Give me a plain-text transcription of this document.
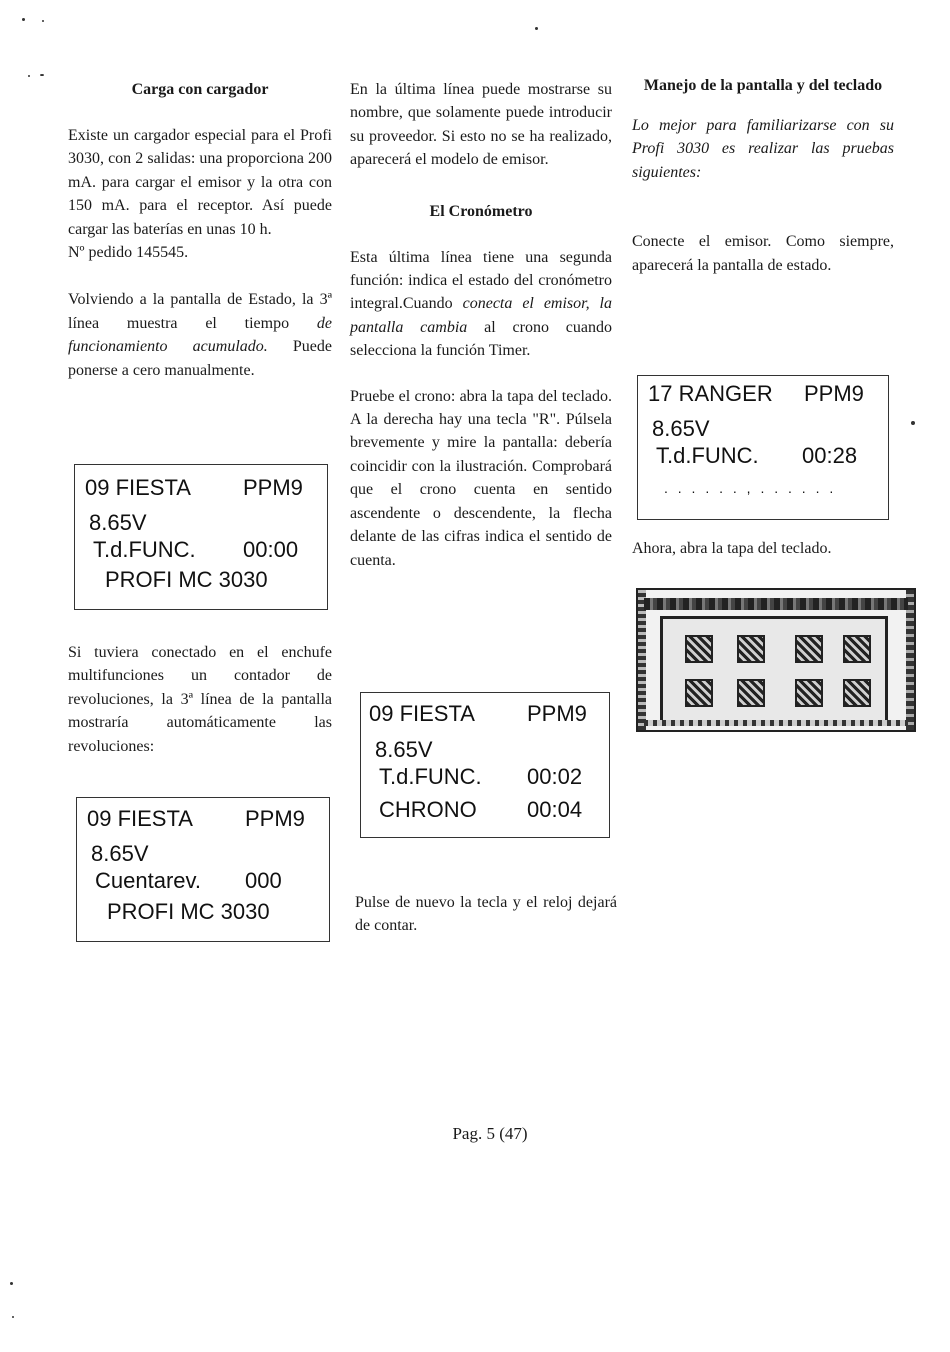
Carga con cargador

Existe un cargador especial para el Profi 3030, con 2 salidas: una proporciona 200 mA. para cargar el emisor y la otra con 150 mA. para el receptor. Así puede cargar las baterías en unas 10 h.

Nº pedido 145545.

Volviendo a la pantalla de Estado, la 3ª línea muestra el tiempo de funcionamiento acumulado. Puede ponerse a cero manualmente.

Si tuviera conectado en el enchufe multifunciones un contador de revoluciones, la 3ª línea de la pantalla mostraría automáticamente las revoluciones:

En la última línea puede mostrarse su nombre, que solamente puede introducir su proveedor. Si esto no se ha realizado, aparecerá el modelo de emisor.

El Cronómetro

Esta última línea tiene una segunda función: indica el estado del cronómetro integral.Cuando conecta el emisor, la pantalla cambia al crono cuando selecciona la función Timer.

Pruebe el crono: abra la tapa del teclado. A la derecha hay una tecla "R". Púlsela brevemente y mire la pantalla: debería coincidir con la ilustración. Comprobará que el crono cuenta en sentido ascendente o descendente, la flecha delante de las cifras indica el sentido de cuenta.

Pulse de nuevo la tecla y el reloj dejará de contar.

Manejo de la pantalla y del teclado

Lo mejor para familiarizarse con su Profi 3030 es realizar las pruebas siguientes:

Conecte el emisor. Como siempre, aparecerá la pantalla de estado.

Ahora, abra la tapa del teclado.

09 FIESTA PPM9
8.65V
T.d.FUNC. 00:00
PROFI MC 3030
09 FIESTA PPM9
8.65V
Cuentarev. 000
PROFI MC 3030
09 FIESTA PPM9
8.65V
T.d.FUNC. 00:02
CHRONO 00:04
17 RANGER PPM9
8.65V
T.d.FUNC. 00:28
. . . . . . , . . . . . .
Pag. 5 (47)
